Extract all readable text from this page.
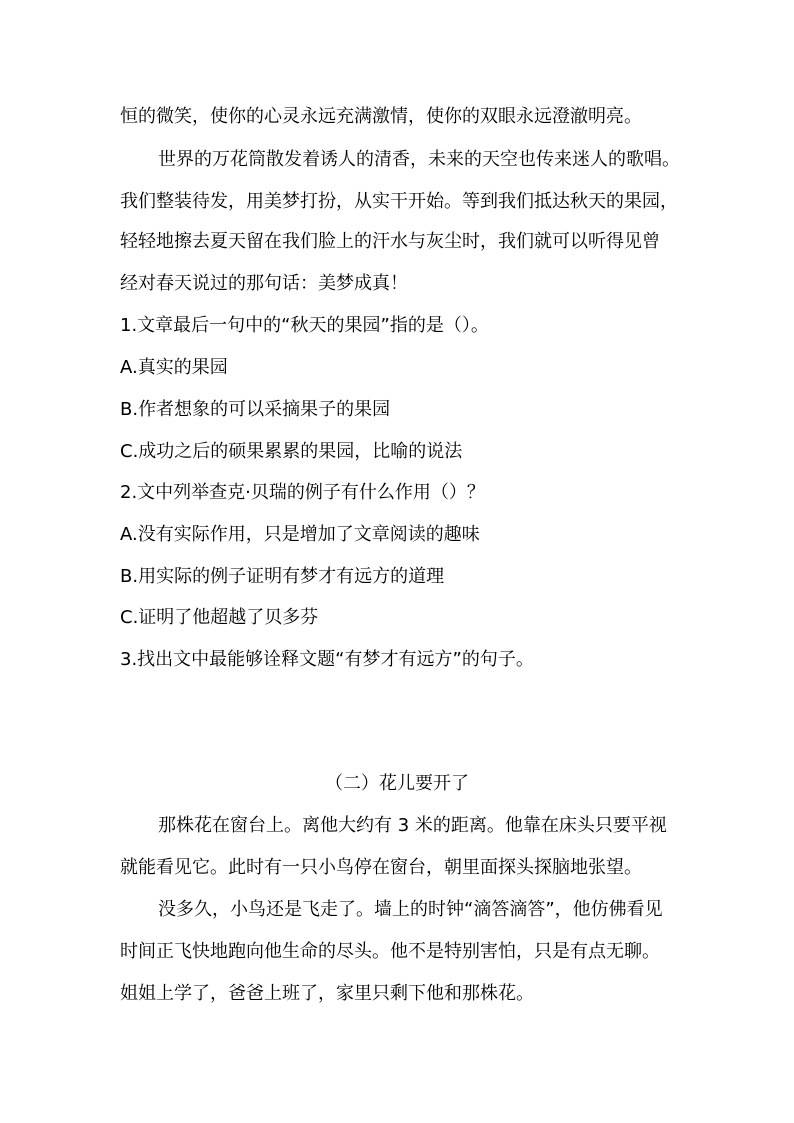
恒的微笑，使你的心灵永远充满激情，使你的双眼永远澄澈明亮。
世界的万花筒散发着诱人的清香，未来的天空也传来迷人的歌唱。
我们整装待发，用美梦打扮，从实干开始。等到我们抵达秋天的果园，
轻轻地擦去夏天留在我们脸上的汗水与灰尘时，我们就可以听得见曾
经对春天说过的那句话：美梦成真！
1.文章最后一句中的“秋天的果园”指的是（）。
A.真实的果园
B.作者想象的可以采摘果子的果园
C.成功之后的硕果累累的果园，比喻的说法
2.文中列举查克·贝瑞的例子有什么作用（）？
A.没有实际作用，只是增加了文章阅读的趣味
B.用实际的例子证明有梦才有远方的道理
C.证明了他超越了贝多芬
3.找出文中最能够诠释文题“有梦才有远方”的句子。
（二）花儿要开了
那株花在窗台上。离他大约有 3 米的距离。他靠在床头只要平视
就能看见它。此时有一只小鸟停在窗台，朝里面探头探脑地张望。
没多久，小鸟还是飞走了。墙上的时钟“滴答滴答”，他仿佛看见
时间正飞快地跑向他生命的尽头。他不是特别害怕，只是有点无聊。
姐姐上学了，爸爸上班了，家里只剩下他和那株花。
